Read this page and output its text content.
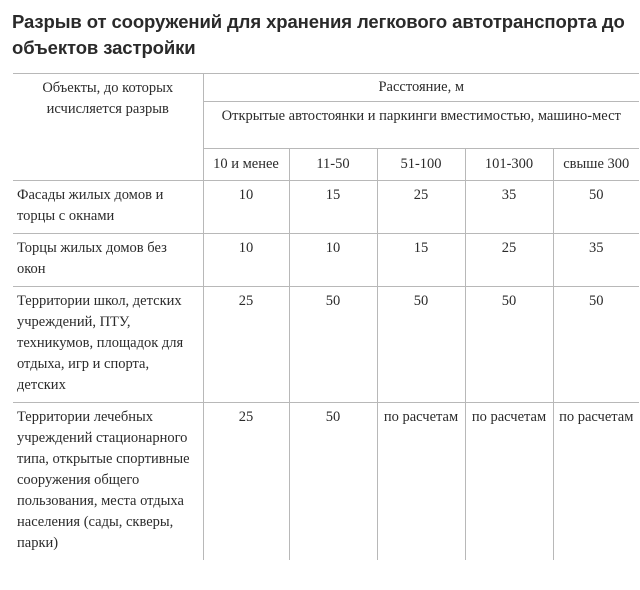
Разрыв от сооружений для хранения легкового автотранспорта до объектов застройки
Объекты, до которых исчисляется разрыв	Расстояние, м				
	Открытые автостоянки и паркинги вместимостью, машино-мест				
	10 и менее	11-50	51-100	101-300	свыше 300
Фасады жилых домов и торцы с окнами	10	15	25	35	50
Торцы жилых домов без окон	10	10	15	25	35
Территории школ, детских учреждений, ПТУ, техникумов, площадок для отдыха, игр и спорта, детских	25	50	50	50	50
Территории лечебных учреждений стационарного типа, открытые спортивные сооружения общего пользования, места отдыха населения (сады, скверы, парки)	25	50	по расчетам	по расчетам	по расчетам
